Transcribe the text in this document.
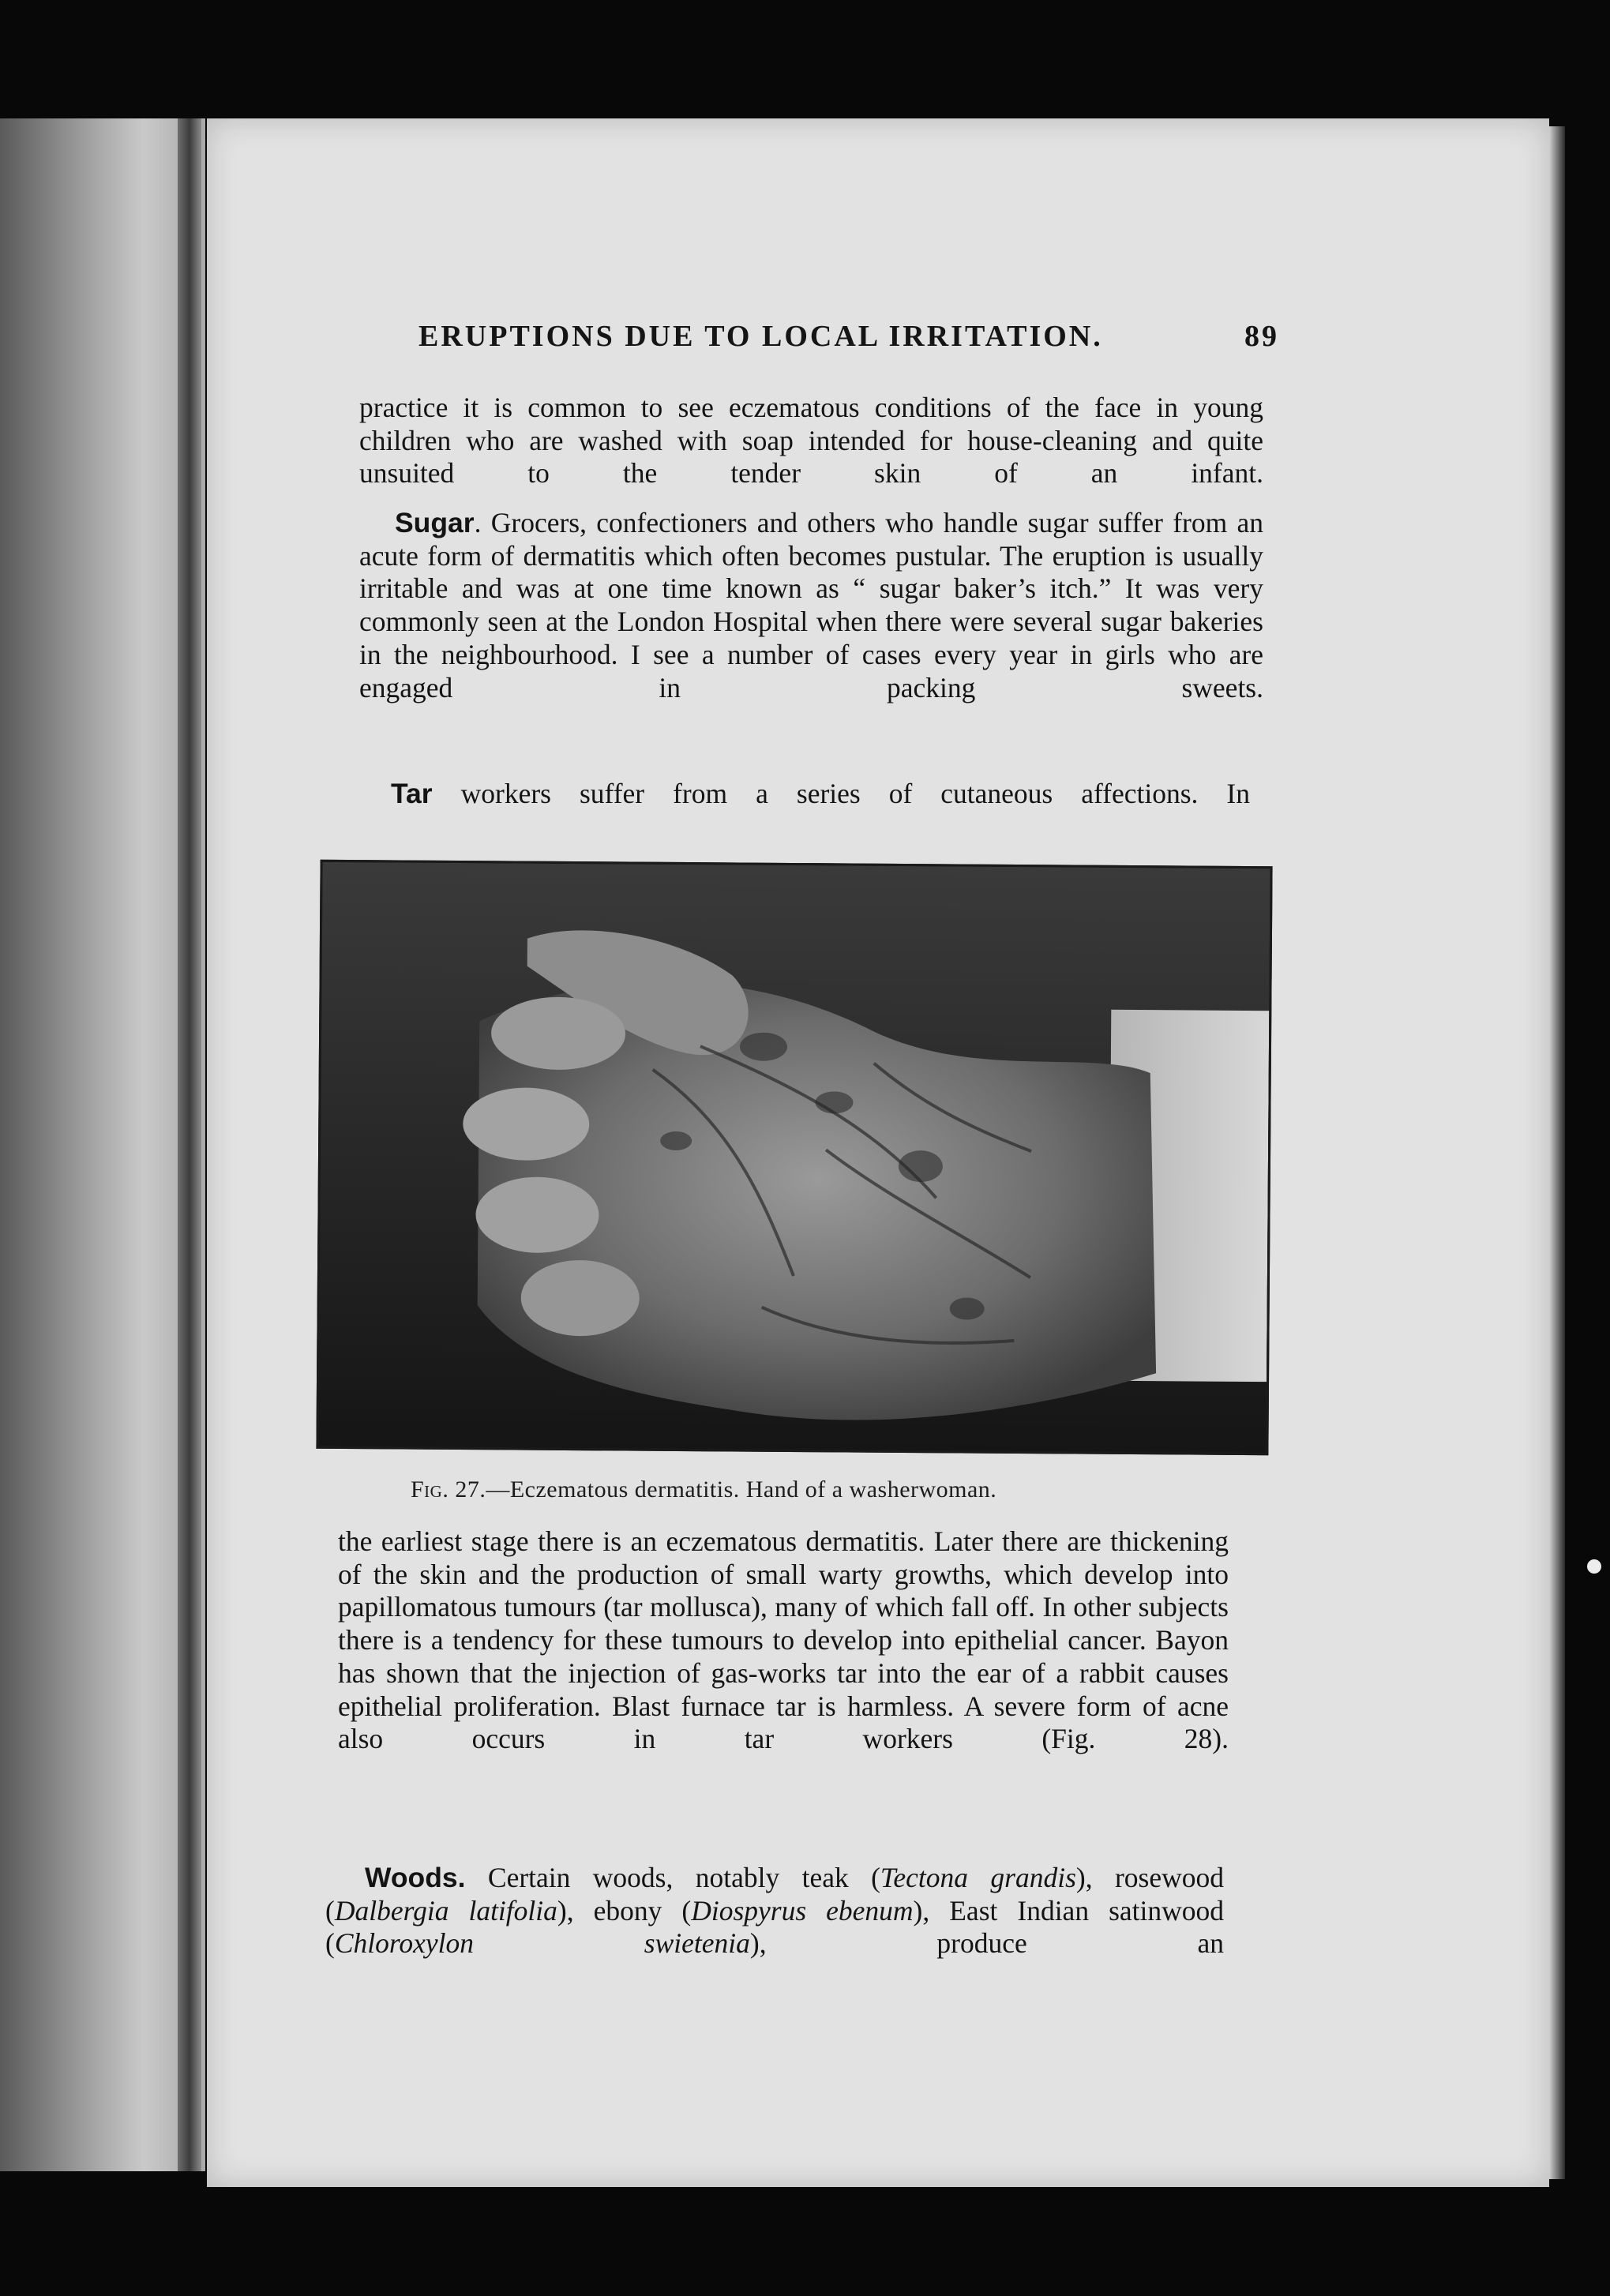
ERUPTIONS DUE TO LOCAL IRRITATION.	89

practice it is common to see eczematous conditions of the face in young children who are washed with soap intended for house-cleaning and quite unsuited to the tender skin of an infant.

Sugar. Grocers, confectioners and others who handle sugar suffer from an acute form of dermatitis which often becomes pustular. The eruption is usually irritable and was at one time known as “ sugar baker’s itch.” It was very commonly seen at the London Hospital when there were several sugar bakeries in the neighbourhood. I see a number of cases every year in girls who are engaged in packing sweets.

Tar workers suffer from a series of cutaneous affections. In

Fig. 27.—Eczematous dermatitis. Hand of a washerwoman.

the earliest stage there is an eczematous dermatitis. Later there are thickening of the skin and the production of small warty growths, which develop into papillomatous tumours (tar mollusca), many of which fall off. In other subjects there is a tendency for these tumours to develop into epithelial cancer. Bayon has shown that the injection of gas-works tar into the ear of a rabbit causes epithelial proliferation. Blast furnace tar is harmless. A severe form of acne also occurs in tar workers (Fig. 28).

Woods. Certain woods, notably teak (Tectona grandis), rosewood (Dalbergia latifolia), ebony (Diospyrus ebenum), East Indian satinwood (Chloroxylon swietenia), produce an
